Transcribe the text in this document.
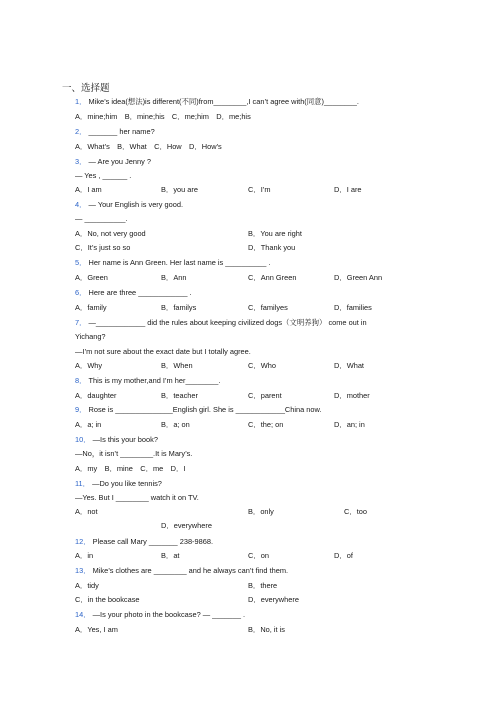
一、选择题
1． Mike’s idea(想法)is different(不同)from________,I can’t agree with(同意)________.
A．mine;him　B．mine;his　C．me;him　D．me;his
2． _______ her name?
A．What’s　B．What　C．How　D．How’s
3． — Are you Jenny ?
— Yes , ______ .
A．I am	B．you are	C．I’m	D．I are
4． — Your English is very good.
— __________.
A．No, not very good	B．You are right
C．It’s just so so	D．Thank you
5． Her name is Ann Green. Her last name is __________ .
A．Green	B．Ann	C．Ann Green	D．Green Ann
6． Here are three ____________ .
A．family	B．familys	C．familyes	D．families
7． —____________ did the rules about keeping civilized dogs（文明养狗） come out in
Yichang?
—I’m not sure about the exact date but I totally agree.
A．Why	B．When	C．Who	D．What
8． This is my mother,and I’m her________.
A．daughter	B．teacher	C．parent	D．mother
9． Rose is ______________English girl. She is ____________China now.
A．a; in	B．a; on	C．the; on	D．an; in
10． —Is this your book?
—No，it isn’t ________.It is Mary’s.
A．my　B．mine　C．me　D．I
11． —Do you like tennis?
—Yes. But I ________ watch it on TV.
A．not	B．only	C．too
D．everywhere
12． Please call Mary _______ 238-9868.
A．in	B．at	C．on	D．of
13． Mike’s clothes are ________ and he always can’t find them.
A．tidy	B．there
C．in the bookcase	D．everywhere
14． —Is your photo in the bookcase? — _______ .
A．Yes, I am	B．No, it is
